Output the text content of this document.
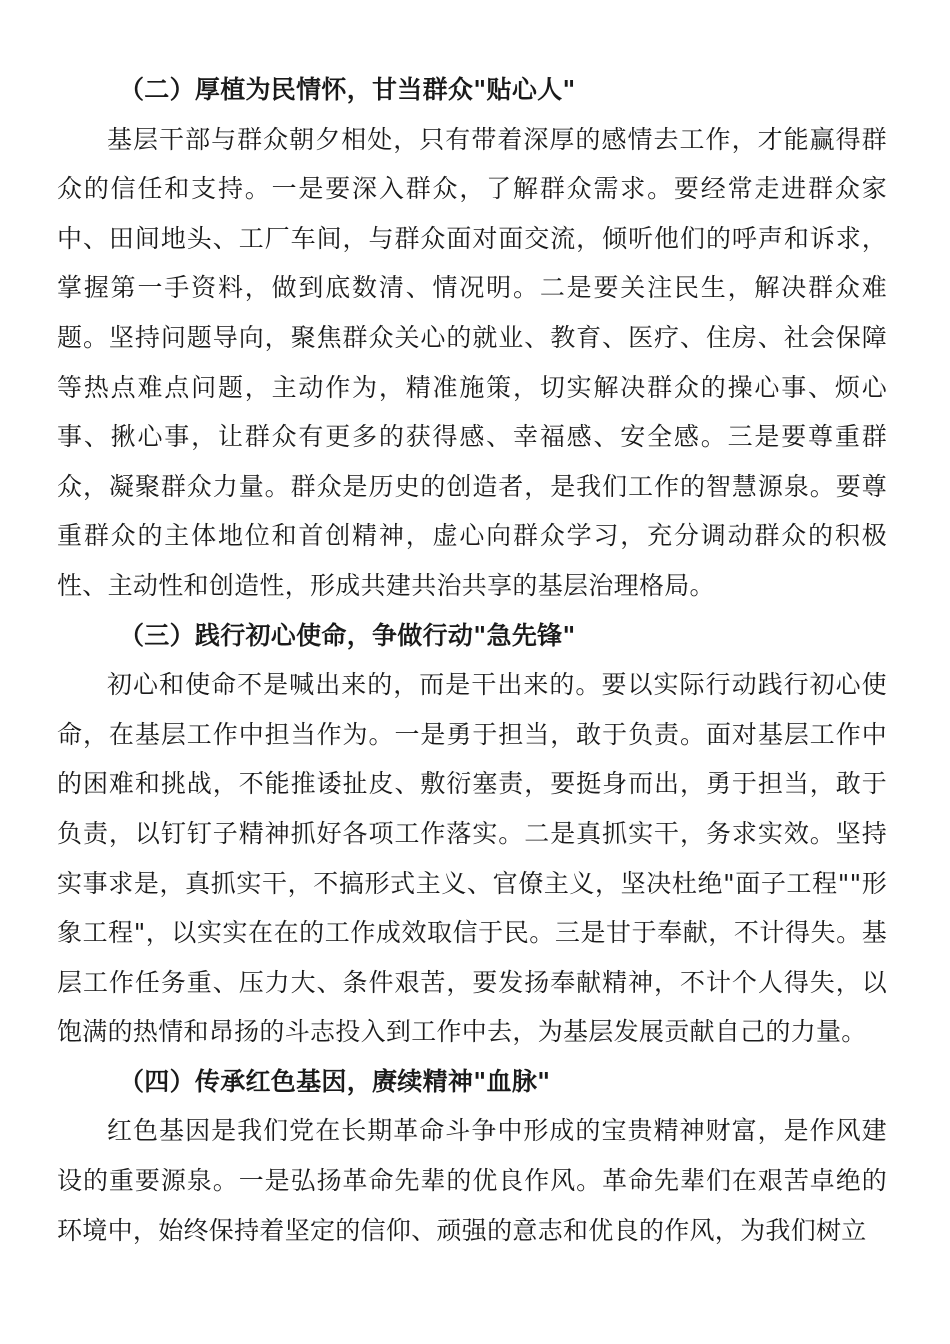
（二）厚植为民情怀，甘当群众"贴心人"

基层干部与群众朝夕相处，只有带着深厚的感情去工作，才能赢得群众的信任和支持。一是要深入群众，了解群众需求。要经常走进群众家中、田间地头、工厂车间，与群众面对面交流，倾听他们的呼声和诉求，掌握第一手资料，做到底数清、情况明。二是要关注民生，解决群众难题。坚持问题导向，聚焦群众关心的就业、教育、医疗、住房、社会保障等热点难点问题，主动作为，精准施策，切实解决群众的操心事、烦心事、揪心事，让群众有更多的获得感、幸福感、安全感。三是要尊重群众，凝聚群众力量。群众是历史的创造者，是我们工作的智慧源泉。要尊重群众的主体地位和首创精神，虚心向群众学习，充分调动群众的积极性、主动性和创造性，形成共建共治共享的基层治理格局。

（三）践行初心使命，争做行动"急先锋"

初心和使命不是喊出来的，而是干出来的。要以实际行动践行初心使命，在基层工作中担当作为。一是勇于担当，敢于负责。面对基层工作中的困难和挑战，不能推诿扯皮、敷衍塞责，要挺身而出，勇于担当，敢于负责，以钉钉子精神抓好各项工作落实。二是真抓实干，务求实效。坚持实事求是，真抓实干，不搞形式主义、官僚主义，坚决杜绝"面子工程""形象工程"，以实实在在的工作成效取信于民。三是甘于奉献，不计得失。基层工作任务重、压力大、条件艰苦，要发扬奉献精神，不计个人得失，以饱满的热情和昂扬的斗志投入到工作中去，为基层发展贡献自己的力量。

（四）传承红色基因，赓续精神"血脉"

红色基因是我们党在长期革命斗争中形成的宝贵精神财富，是作风建设的重要源泉。一是弘扬革命先辈的优良作风。革命先辈们在艰苦卓绝的环境中，始终保持着坚定的信仰、顽强的意志和优良的作风，为我们树立
